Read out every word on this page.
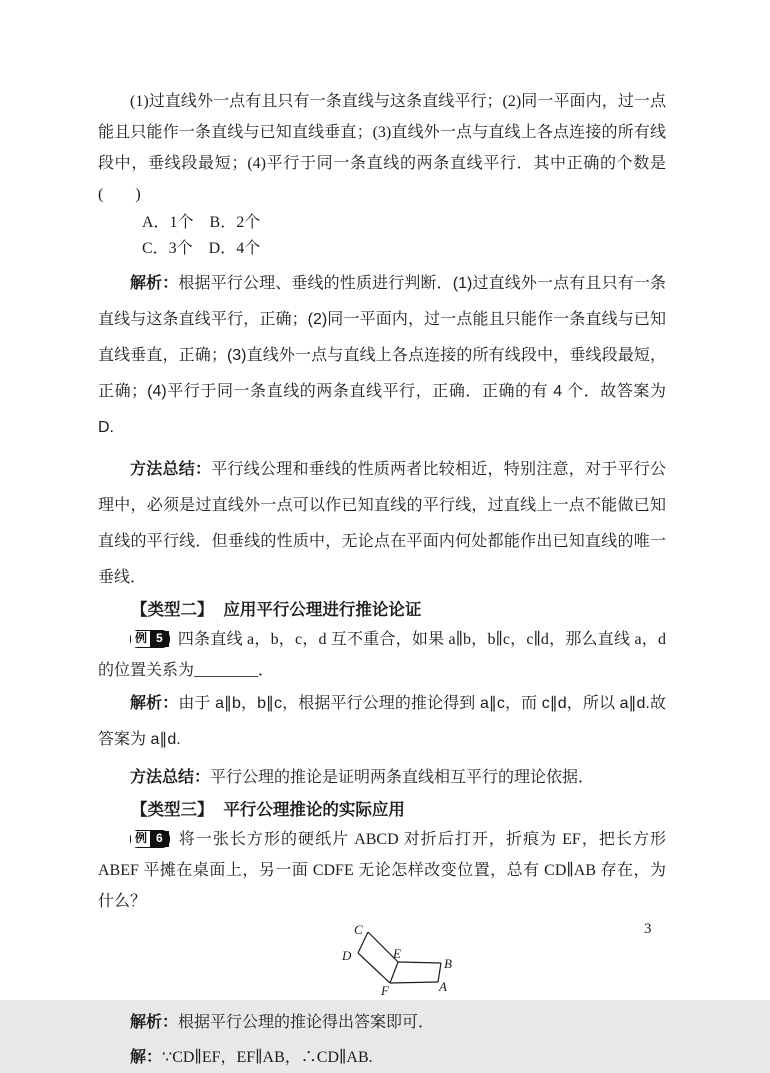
(1)过直线外一点有且只有一条直线与这条直线平行；(2)同一平面内，过一点能且只能作一条直线与已知直线垂直；(3)直线外一点与直线上各点连接的所有线段中，垂线段最短；(4)平行于同一条直线的两条直线平行．其中正确的个数是(　　)

A．1个　B．2个

C．3个　D．4个

解析：根据平行公理、垂线的性质进行判断．(1)过直线外一点有且只有一条直线与这条直线平行，正确；(2)同一平面内，过一点能且只能作一条直线与已知直线垂直，正确；(3)直线外一点与直线上各点连接的所有线段中，垂线段最短，正确；(4)平行于同一条直线的两条直线平行，正确．正确的有 4 个．故答案为 D.

方法总结：平行线公理和垂线的性质两者比较相近，特别注意，对于平行公理中，必须是过直线外一点可以作已知直线的平行线，过直线上一点不能做已知直线的平行线．但垂线的性质中，无论点在平面内何处都能作出已知直线的唯一垂线．

【类型二】 应用平行公理进行推论论证

例 5 四条直线 a，b，c，d 互不重合，如果 a∥b，b∥c，c∥d，那么直线 a，d 的位置关系为________．

解析：由于 a∥b，b∥c，根据平行公理的推论得到 a∥c，而 c∥d，所以 a∥d.故答案为 a∥d.

方法总结：平行公理的推论是证明两条直线相互平行的理论依据．

【类型三】 平行公理推论的实际应用

例 6 将一张长方形的硬纸片 ABCD 对折后打开，折痕为 EF，把长方形 ABEF 平摊在桌面上，另一面 CDFE 无论怎样改变位置，总有 CD∥AB 存在，为什么？

C
D	E
F
B
A

解析：根据平行公理的推论得出答案即可．

解：∵CD∥EF，EF∥AB，∴CD∥AB.

3
